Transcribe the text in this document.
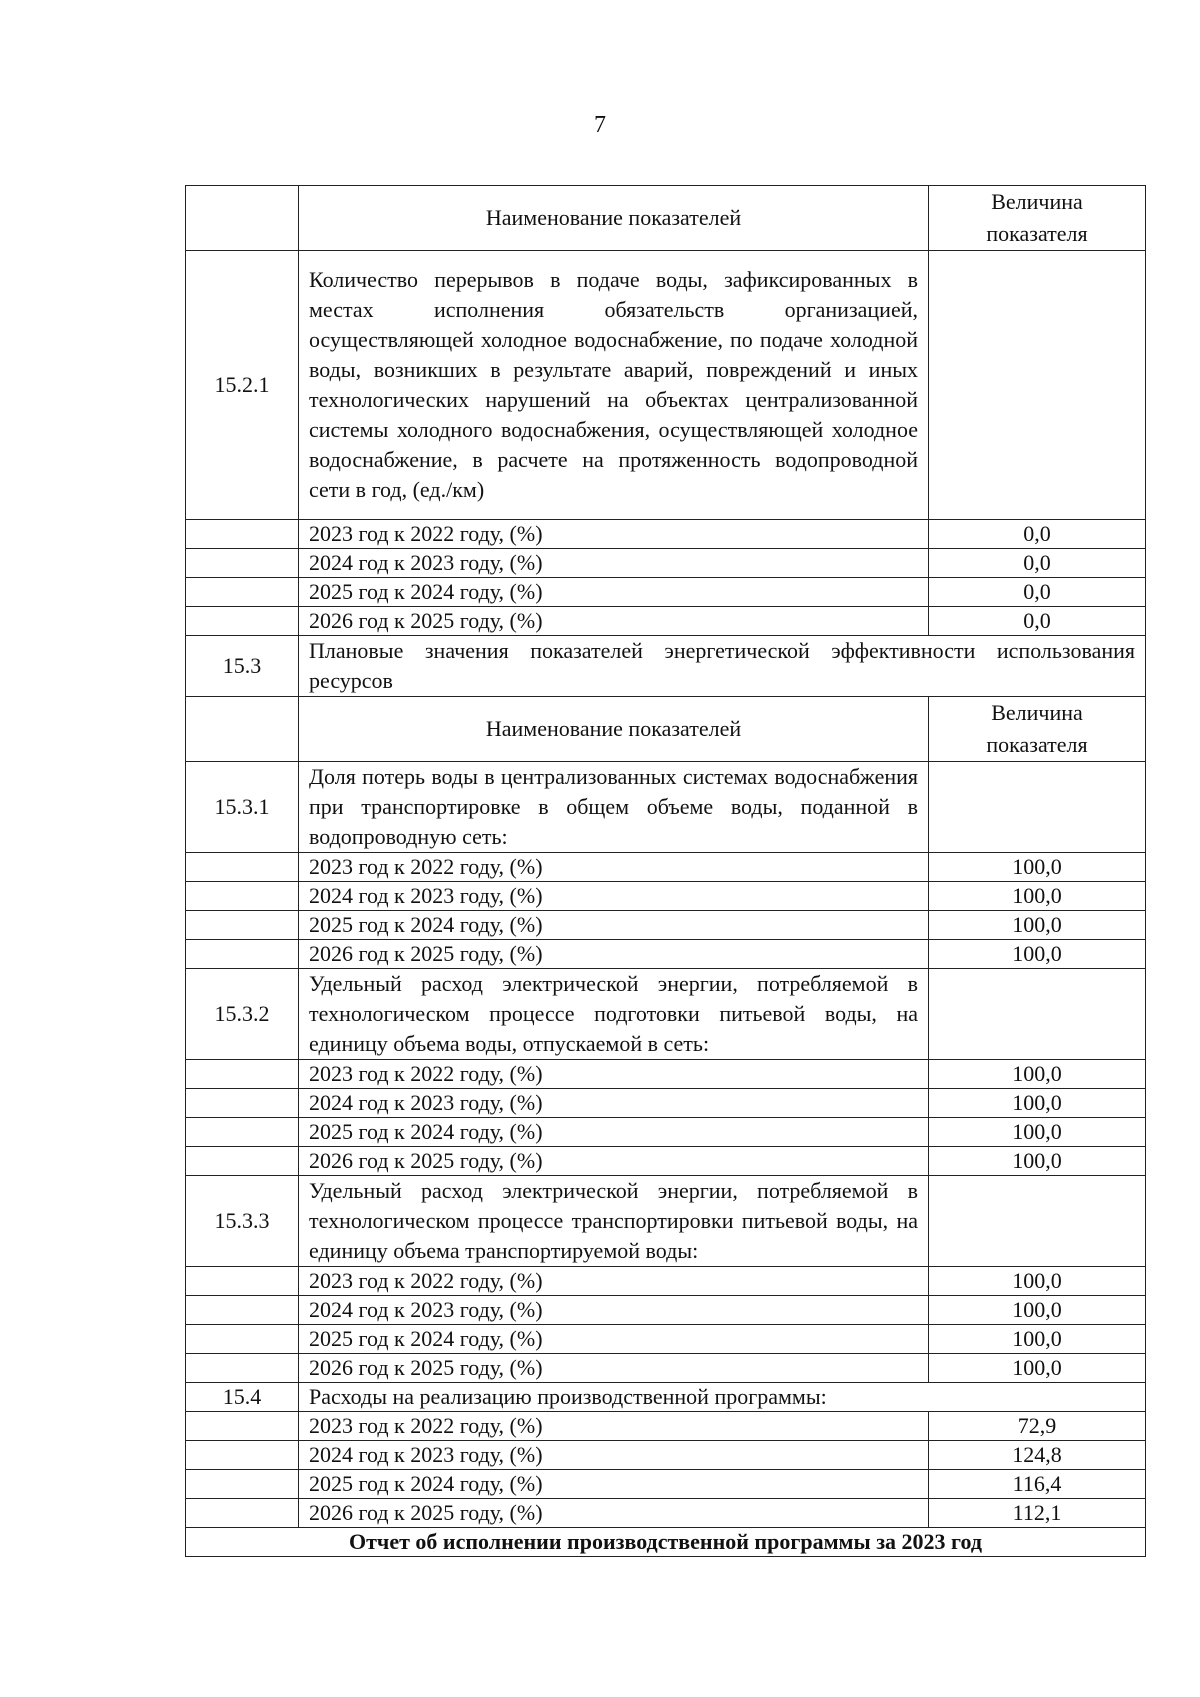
7
	Наименование показателей	Величина показателя
15.2.1	Количество перерывов в подаче воды, зафиксированных в местах исполнения обязательств организацией, осуществляющей холодное водоснабжение, по подаче холодной воды, возникших в результате аварий, повреждений и иных технологических нарушений на объектах централизованной системы холодного водоснабжения, осуществляющей холодное водоснабжение, в расчете на протяженность водопроводной сети в год, (ед./км)	
	2023 год к 2022 году, (%)	0,0
	2024 год к 2023 году, (%)	0,0
	2025 год к 2024 году, (%)	0,0
	2026 год к 2025 году, (%)	0,0
15.3	Плановые значения показателей энергетической эффективности использования ресурсов	
	Наименование показателей	Величина показателя
15.3.1	Доля потерь воды в централизованных системах водоснабжения при транспортировке в общем объеме воды, поданной в водопроводную сеть:	
	2023 год к 2022 году, (%)	100,0
	2024 год к 2023 году, (%)	100,0
	2025 год к 2024 году, (%)	100,0
	2026 год к 2025 году, (%)	100,0
15.3.2	Удельный расход электрической энергии, потребляемой в технологическом процессе подготовки питьевой воды, на единицу объема воды, отпускаемой в сеть:	
	2023 год к 2022 году, (%)	100,0
	2024 год к 2023 году, (%)	100,0
	2025 год к 2024 году, (%)	100,0
	2026 год к 2025 году, (%)	100,0
15.3.3	Удельный расход электрической энергии, потребляемой в технологическом процессе транспортировки питьевой воды, на единицу объема транспортируемой воды:	
	2023 год к 2022 году, (%)	100,0
	2024 год к 2023 году, (%)	100,0
	2025 год к 2024 году, (%)	100,0
	2026 год к 2025 году, (%)	100,0
15.4	Расходы на реализацию производственной программы:	
	2023 год к 2022 году, (%)	72,9
	2024 год к 2023 году, (%)	124,8
	2025 год к 2024 году, (%)	116,4
	2026 год к 2025 году, (%)	112,1
Отчет об исполнении производственной программы за 2023 год		
